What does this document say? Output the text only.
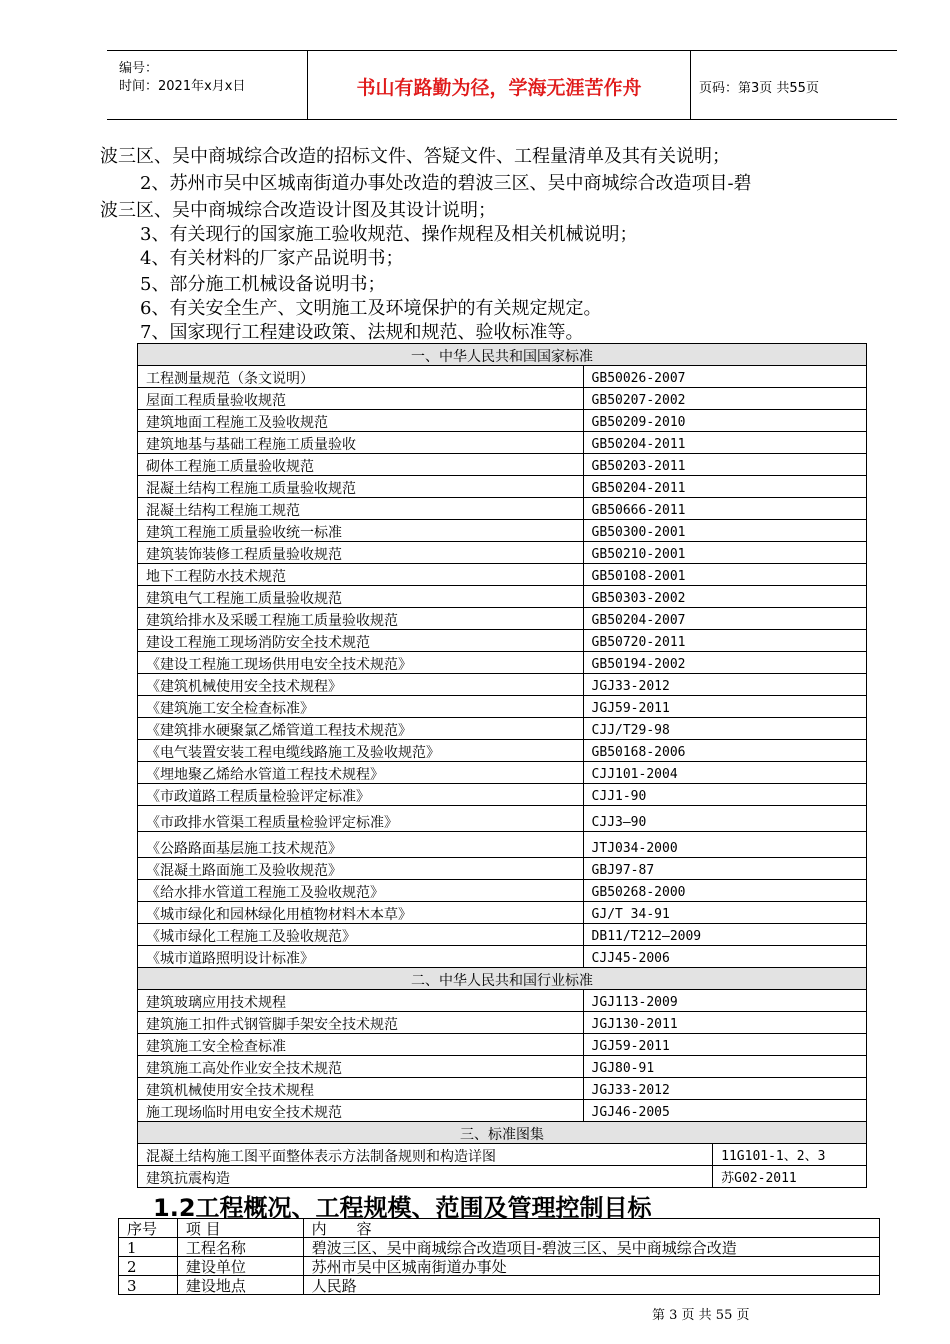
编号：
时间：2021年x月x日	书山有路勤为径，学海无涯苦作舟	页码：第3页 共55页
波三区、吴中商城综合改造的招标文件、答疑文件、工程量清单及其有关说明；
2、苏州市吴中区城南街道办事处改造的碧波三区、吴中商城综合改造项目-碧
波三区、吴中商城综合改造设计图及其设计说明；
3、有关现行的国家施工验收规范、操作规程及相关机械说明；
4、有关材料的厂家产品说明书；
5、部分施工机械设备说明书；
6、有关安全生产、文明施工及环境保护的有关规定规定。
7、国家现行工程建设政策、法规和规范、验收标准等。
一、中华人民共和国国家标准		
工程测量规范（条文说明）	GB50026-2007	
屋面工程质量验收规范	GB50207-2002	
建筑地面工程施工及验收规范	GB50209-2010	
建筑地基与基础工程施工质量验收	GB50204-2011	
砌体工程施工质量验收规范	GB50203-2011	
混凝土结构工程施工质量验收规范	GB50204-2011	
混凝土结构工程施工规范	GB50666-2011	
建筑工程施工质量验收统一标准	GB50300-2001	
建筑装饰装修工程质量验收规范	GB50210-2001	
地下工程防水技术规范	GB50108-2001	
建筑电气工程施工质量验收规范	GB50303-2002	
建筑给排水及采暖工程施工质量验收规范	GB50204-2007	
建设工程施工现场消防安全技术规范	GB50720-2011	
《建设工程施工现场供用电安全技术规范》	GB50194-2002	
《建筑机械使用安全技术规程》	JGJ33-2012	
《建筑施工安全检查标准》	JGJ59-2011	
《建筑排水硬聚氯乙烯管道工程技术规范》	CJJ/T29-98	
《电气装置安装工程电缆线路施工及验收规范》	GB50168-2006	
《埋地聚乙烯给水管道工程技术规程》	CJJ101-2004	
《市政道路工程质量检验评定标准》	CJJ1-90	
《市政排水管渠工程质量检验评定标准》	CJJ3—90	
《公路路面基层施工技术规范》	JTJ034-2000	
《混凝土路面施工及验收规范》	GBJ97-87	
《给水排水管道工程施工及验收规范》	GB50268-2000	
《城市绿化和园林绿化用植物材料木本草》	GJ/T 34-91	
《城市绿化工程施工及验收规范》	DB11/T212—2009	
《城市道路照明设计标准》	CJJ45-2006	
二、中华人民共和国行业标准		
建筑玻璃应用技术规程	JGJ113-2009	
建筑施工扣件式钢管脚手架安全技术规范	JGJ130-2011	
建筑施工安全检查标准	JGJ59-2011	
建筑施工高处作业安全技术规范	JGJ80-91	
建筑机械使用安全技术规程	JGJ33-2012	
施工现场临时用电安全技术规范	JGJ46-2005	
三、标准图集		
混凝土结构施工图平面整体表示方法制备规则和构造详图		11G101-1、2、3
建筑抗震构造		苏G02-2011
1.2工程概况、工程规模、范围及管理控制目标
序号	项 目	内　　容
1	工程名称	碧波三区、吴中商城综合改造项目-碧波三区、吴中商城综合改造
2	建设单位	苏州市吴中区城南街道办事处
3	建设地点	人民路
第 3 页 共 55 页
